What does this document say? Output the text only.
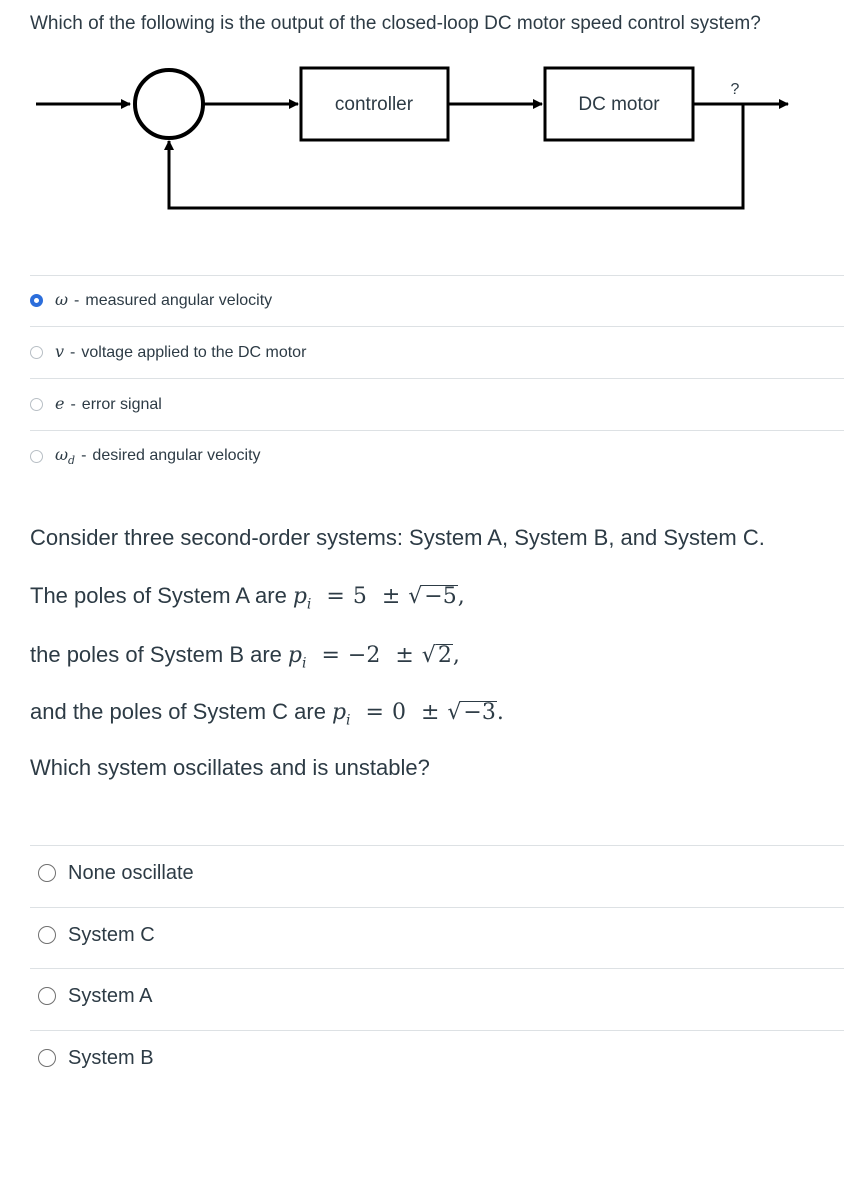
Which of the following is the output of the closed-loop DC motor speed control system?
controller	DC motor
?
ω - measured angular velocity
v - voltage applied to the DC motor
e - error signal
$\omega_d$ - desired angular velocity
Consider three second-order systems: System A, System B, and System C.
The poles of System A are $p_i = 5 \pm √-5$,
the poles of System B are $p_i = -2 \pm √2$,
and the poles of System C are $p_i = 0 \pm √-3$.
Which system oscillates and is unstable?
None oscillate
System C
System A
System B
